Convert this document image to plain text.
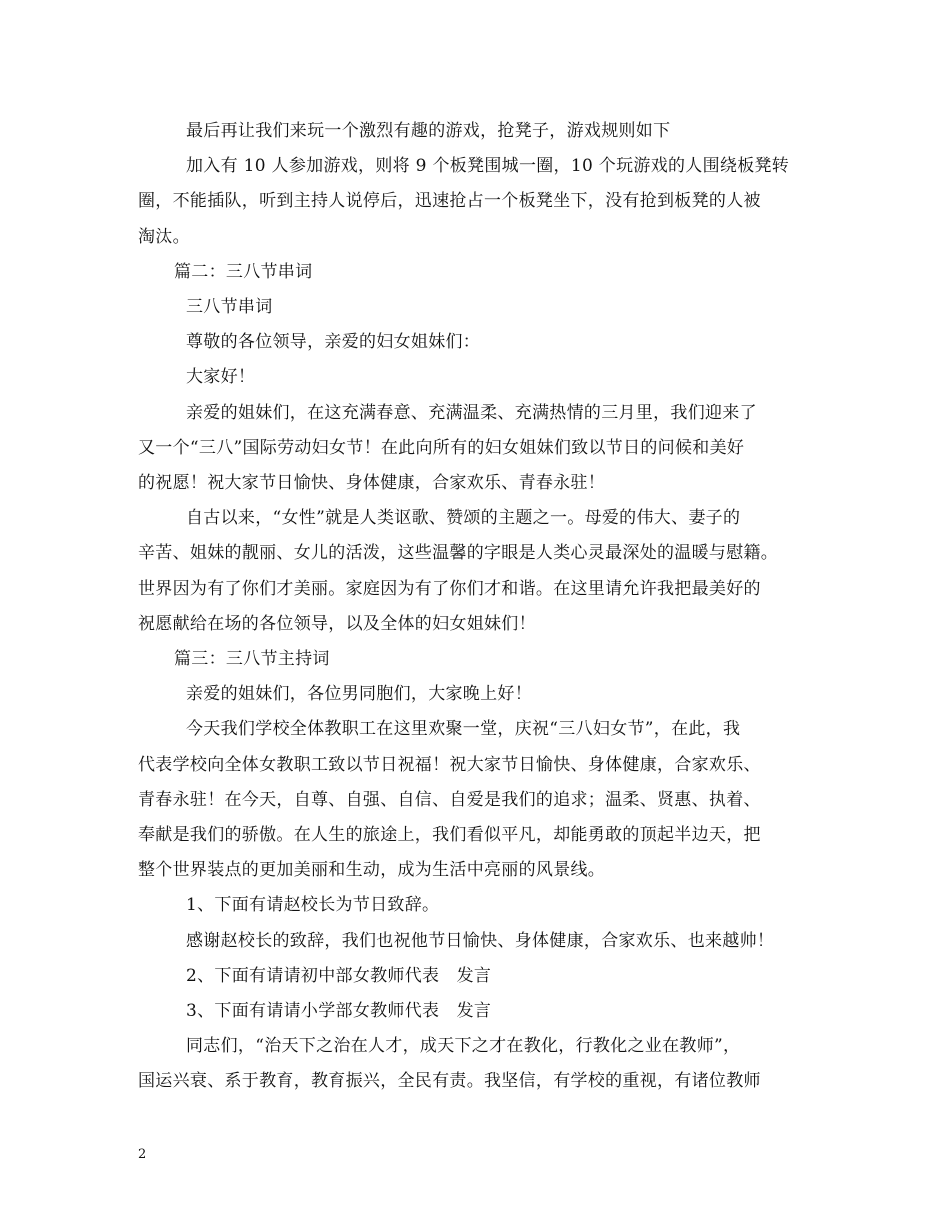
最后再让我们来玩一个激烈有趣的游戏，抢凳子，游戏规则如下
加入有 10 人参加游戏，则将 9 个板凳围城一圈，10 个玩游戏的人围绕板凳转
圈，不能插队，听到主持人说停后，迅速抢占一个板凳坐下，没有抢到板凳的人被
淘汰。
篇二：三八节串词
三八节串词
尊敬的各位领导，亲爱的妇女姐妹们：
大家好！
亲爱的姐妹们，在这充满春意、充满温柔、充满热情的三月里，我们迎来了
又一个“三八”国际劳动妇女节！在此向所有的妇女姐妹们致以节日的问候和美好
的祝愿！祝大家节日愉快、身体健康，合家欢乐、青春永驻！
自古以来，“女性”就是人类讴歌、赞颂的主题之一。母爱的伟大、妻子的
辛苦、姐妹的靓丽、女儿的活泼，这些温馨的字眼是人类心灵最深处的温暖与慰籍。
世界因为有了你们才美丽。家庭因为有了你们才和谐。在这里请允许我把最美好的
祝愿献给在场的各位领导，以及全体的妇女姐妹们！
篇三：三八节主持词
亲爱的姐妹们，各位男同胞们，大家晚上好！
今天我们学校全体教职工在这里欢聚一堂，庆祝“三八妇女节”，在此，我
代表学校向全体女教职工致以节日祝福！祝大家节日愉快、身体健康，合家欢乐、
青春永驻！在今天，自尊、自强、自信、自爱是我们的追求；温柔、贤惠、执着、
奉献是我们的骄傲。在人生的旅途上，我们看似平凡，却能勇敢的顶起半边天，把
整个世界装点的更加美丽和生动，成为生活中亮丽的风景线。
1、下面有请赵校长为节日致辞。
感谢赵校长的致辞，我们也祝他节日愉快、身体健康，合家欢乐、也来越帅！
2、下面有请请初中部女教师代表　发言
3、下面有请请小学部女教师代表　发言
同志们，“治天下之治在人才，成天下之才在教化，行教化之业在教师”，
国运兴衰、系于教育，教育振兴，全民有责。我坚信，有学校的重视，有诸位教师
2
